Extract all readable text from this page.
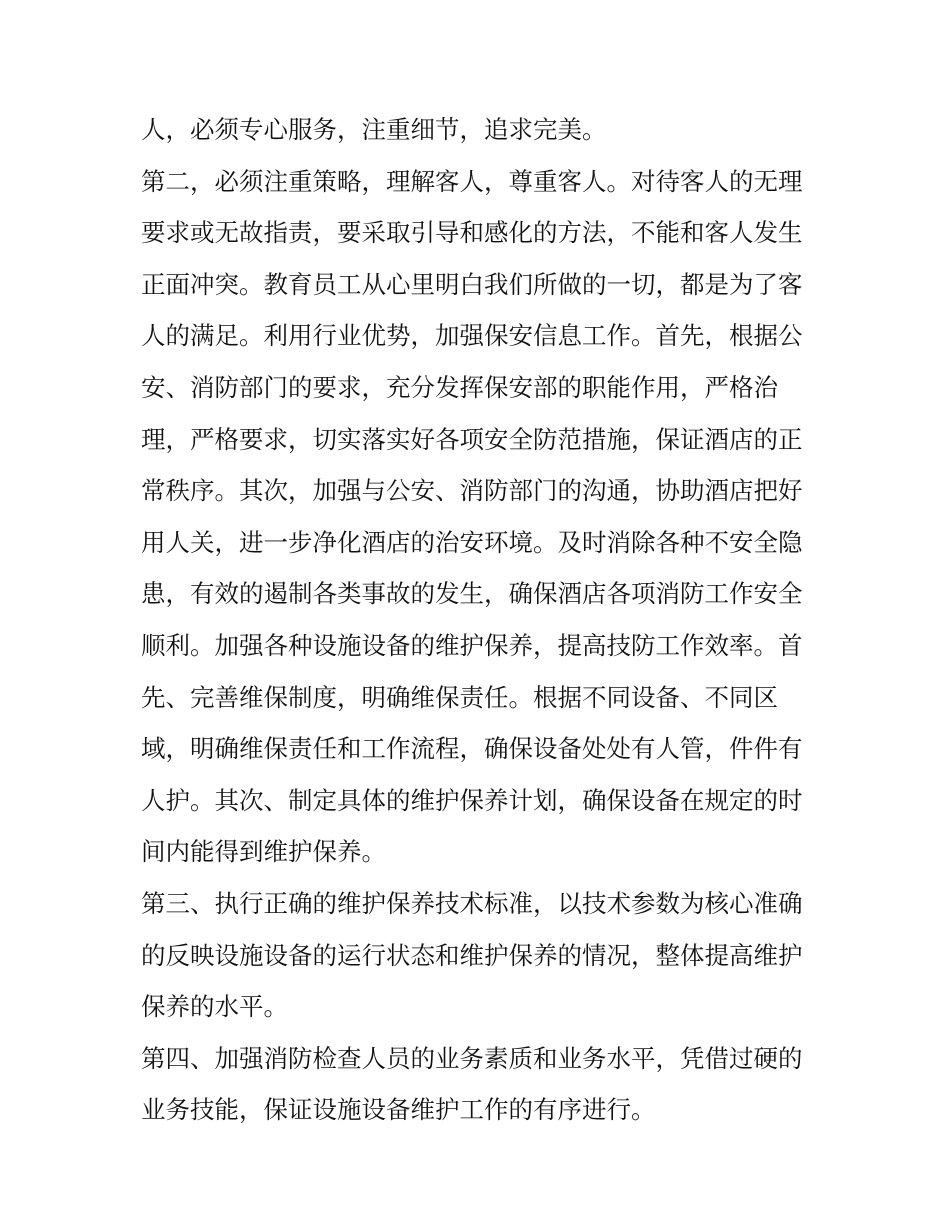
人，必须专心服务，注重细节，追求完美。
第二，必须注重策略，理解客人，尊重客人。对待客人的无理
要求或无故指责，要采取引导和感化的方法，不能和客人发生
正面冲突。教育员工从心里明白我们所做的一切，都是为了客
人的满足。利用行业优势，加强保安信息工作。首先，根据公
安、消防部门的要求，充分发挥保安部的职能作用，严格治
理，严格要求，切实落实好各项安全防范措施，保证酒店的正
常秩序。其次，加强与公安、消防部门的沟通，协助酒店把好
用人关，进一步净化酒店的治安环境。及时消除各种不安全隐
患，有效的遏制各类事故的发生，确保酒店各项消防工作安全
顺利。加强各种设施设备的维护保养，提高技防工作效率。首
先、完善维保制度，明确维保责任。根据不同设备、不同区
域，明确维保责任和工作流程，确保设备处处有人管，件件有
人护。其次、制定具体的维护保养计划，确保设备在规定的时
间内能得到维护保养。
第三、执行正确的维护保养技术标准，以技术参数为核心准确
的反映设施设备的运行状态和维护保养的情况，整体提高维护
保养的水平。
第四、加强消防检查人员的业务素质和业务水平，凭借过硬的
业务技能，保证设施设备维护工作的有序进行。
